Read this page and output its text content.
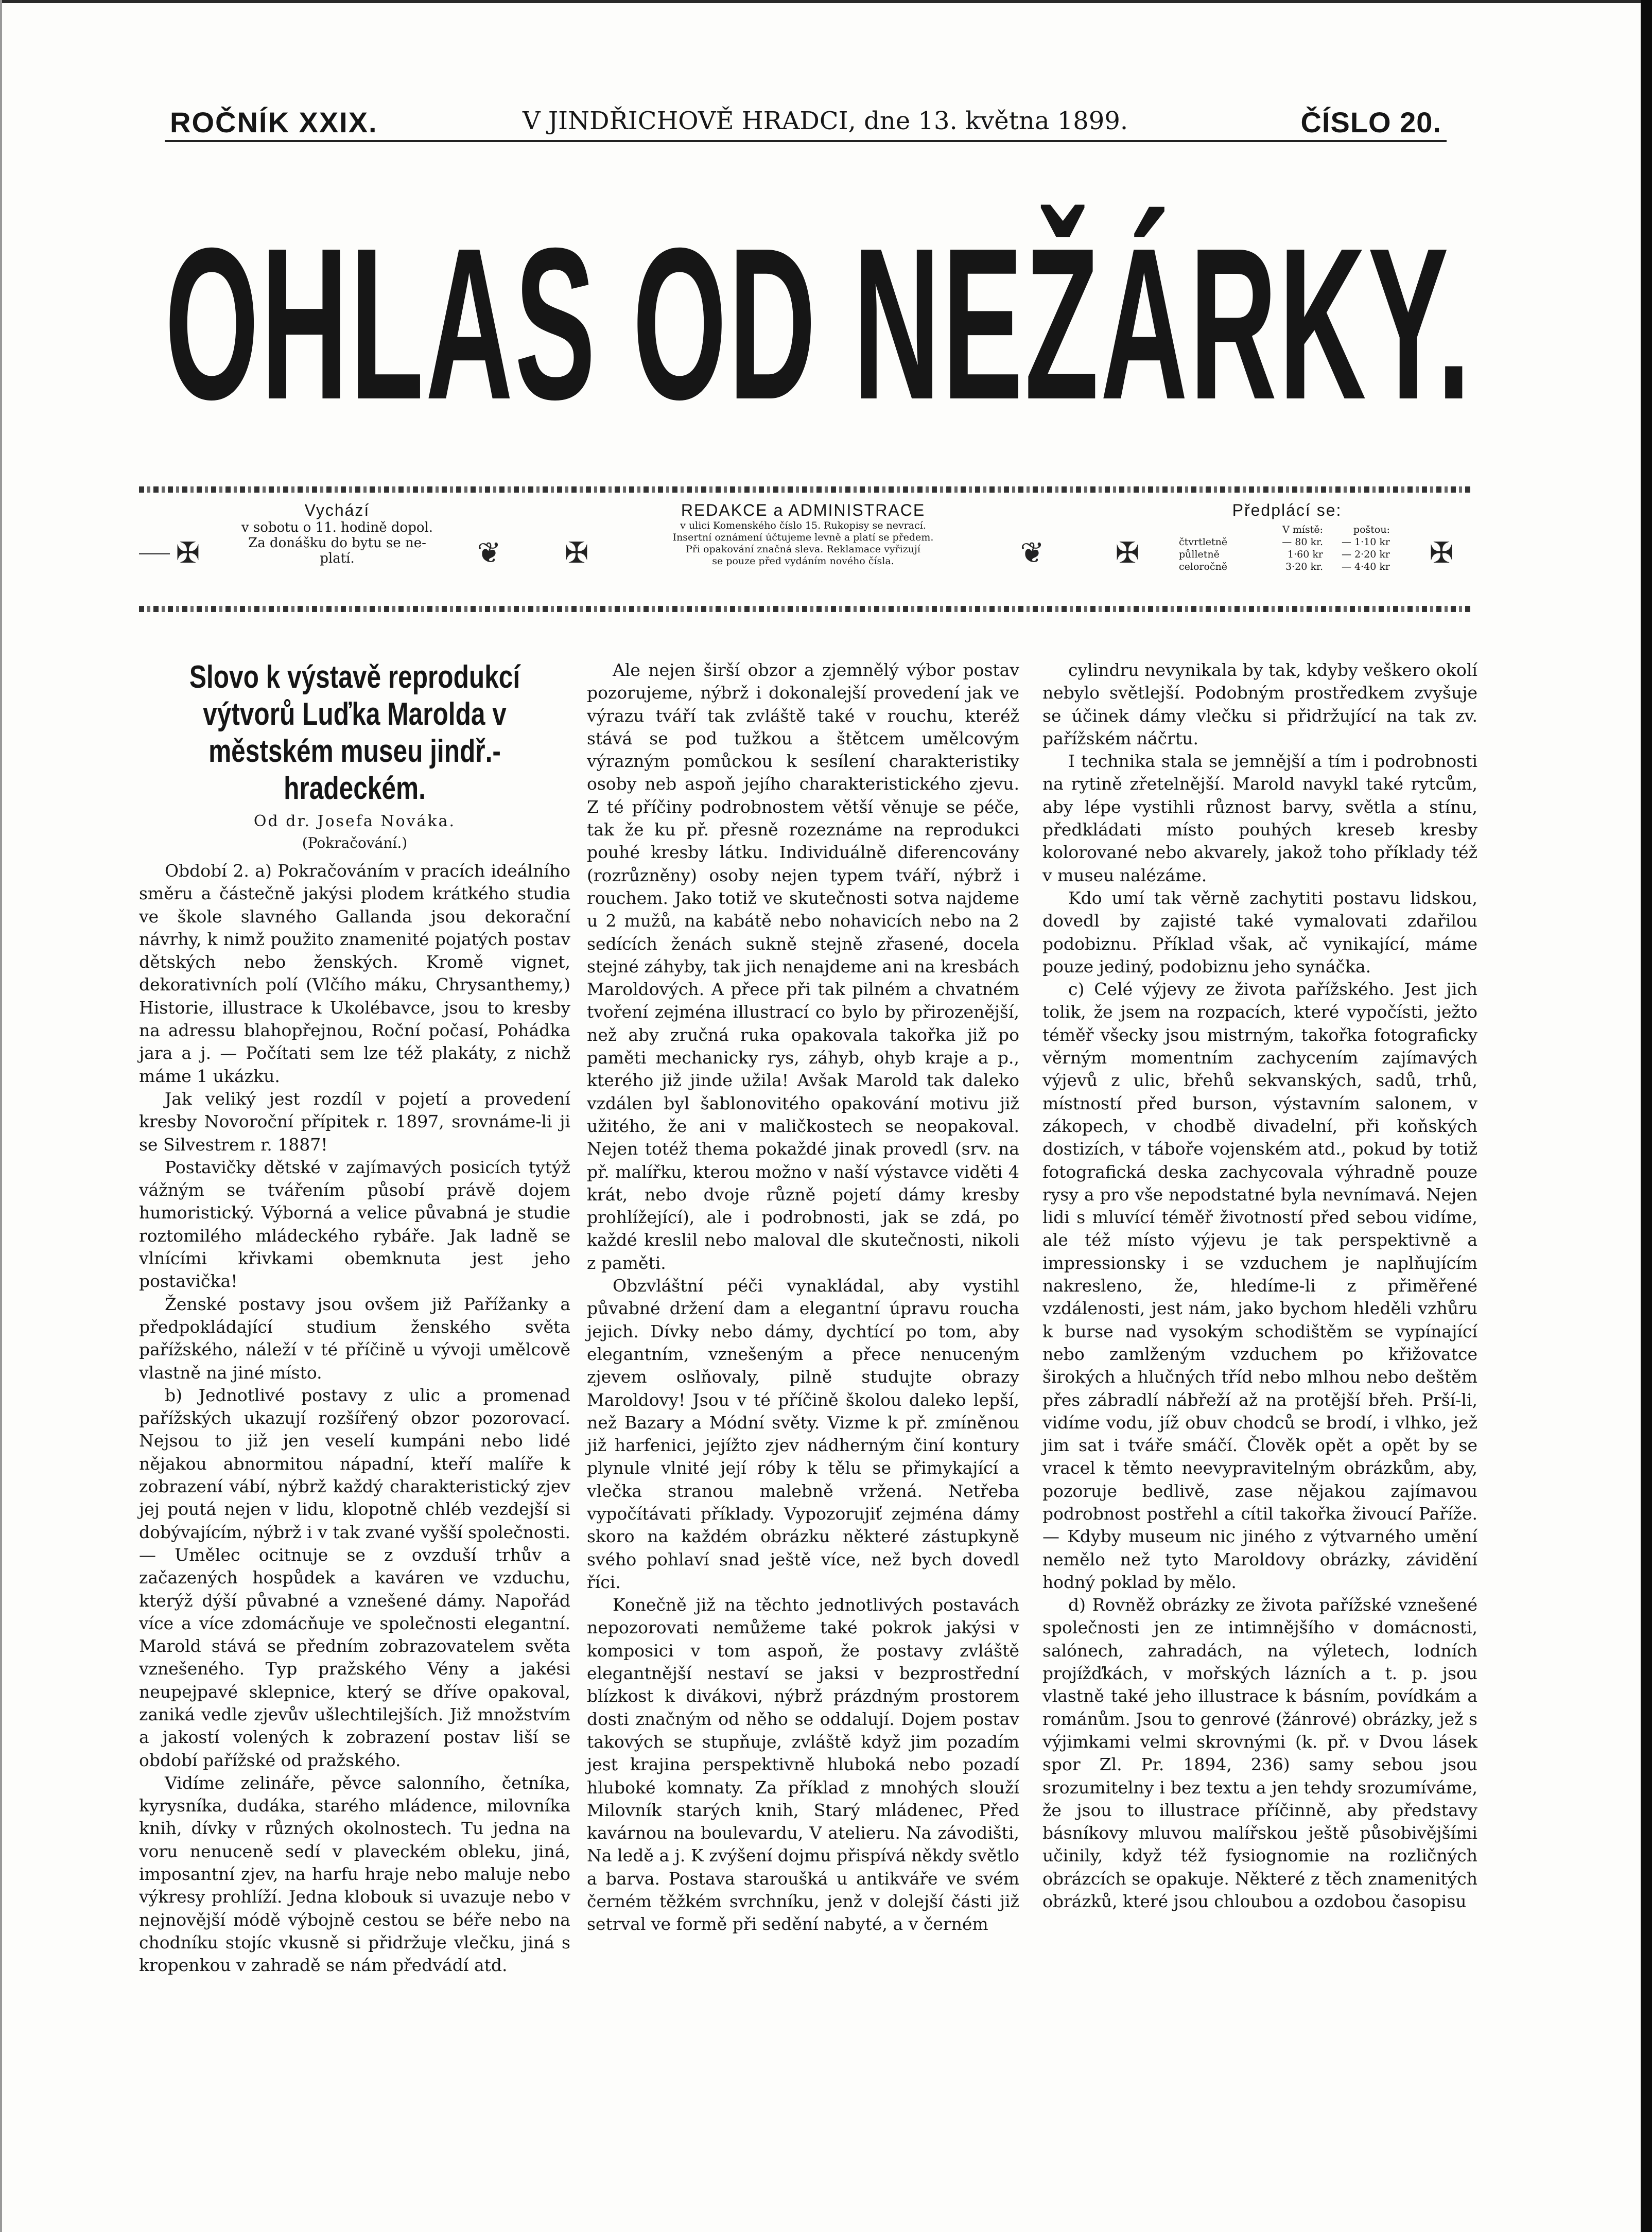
ROČNÍK XXIX.	V JINDŘICHOVĚ HRADCI, dne 13. května 1899.	ČÍSLO 20.
OHLAS OD NEŽÁRKY.
✠
Vychází
v sobotu o 11. hodině dopol.
Za donášku do bytu se ne-
platí.	❦	✠
REDAKCE a ADMINISTRACE
v ulici Komenského číslo 15. Rukopisy se nevrací.
Insertní oznámení účtujeme levně a platí se předem.
Při opakování značná sleva. Reklamace vyřizují
se pouze před vydáním nového čísla.	❦	✠
Předplácí se:
V místě:	poštou:
čtvrtletně	— 80 kr.	— 1·10 kr
půlletně	1·60 kr	— 2·20 kr
celoročně	3·20 kr.	— 4·40 kr	✠
Slovo k výstavě reprodukcí výtvorů Luďka Marolda v městském museu jindř.-hradeckém.
Od dr. Josefa Nováka.
(Pokračování.)

Období 2. a) Pokračováním v pracích ideálního směru a částečně jakýsi plodem krátkého studia ve škole slavného Gallanda jsou dekorační návrhy, k nimž použito znamenité pojatých postav dětských nebo ženských. Kromě vignet, dekorativních polí (Vlčího máku, Chrysanthemy,) Historie, illustrace k Ukolébavce, jsou to kresby na adressu blahopřejnou, Roční počasí, Pohádka jara a j. — Počítati sem lze též plakáty, z nichž máme 1 ukázku.

Jak veliký jest rozdíl v pojetí a provedení kresby Novoroční přípitek r. 1897, srovnáme-li ji se Silvestrem r. 1887!

Postavičky dětské v zajímavých posicích tytýž vážným se tvářením působí právě dojem humoristický. Výborná a velice půvabná je studie roztomilého mládeckého rybáře. Jak ladně se vlnícími křivkami obemknuta jest jeho postavička!

Ženské postavy jsou ovšem již Pařížanky a předpokládající studium ženského světa pařížského, náleží v té příčině u vývoji umělcově vlastně na jiné místo.

b) Jednotlivé postavy z ulic a promenad pařížských ukazují rozšířený obzor pozorovací. Nejsou to již jen veselí kumpáni nebo lidé nějakou abnormitou nápadní, kteří malíře k zobrazení vábí, nýbrž každý charakteristický zjev jej poutá nejen v lidu, klopotně chléb vezdejší si dobývajícím, nýbrž i v tak zvané vyšší společnosti. — Umělec ocitnuje se z ovzduší trhův a začazených hospůdek a kaváren ve vzduchu, kterýž dýší půvabné a vznešené dámy. Napořád více a více zdomácňuje ve společnosti elegantní. Marold stává se předním zobrazovatelem světa vznešeného. Typ pražského Vény a jakési neupejpavé sklepnice, který se dříve opakoval, zaniká vedle zjevův ušlechtilejších. Již množstvím a jakostí volených k zobrazení postav liší se období pařížské od pražského.

Vidíme zelináře, pěvce salonního, četníka, kyrysníka, dudáka, starého mládence, milovníka knih, dívky v různých okolnostech. Tu jedna na voru nenuceně sedí v plaveckém obleku, jiná, imposantní zjev, na harfu hraje nebo maluje nebo výkresy prohlíží. Jedna klobouk si uvazuje nebo v nejnovější módě výbojně cestou se béře nebo na chodníku stojíc vkusně si přidržuje vlečku, jiná s kropenkou v zahradě se nám předvádí atd.

Ale nejen širší obzor a zjemnělý výbor postav pozorujeme, nýbrž i dokonalejší provedení jak ve výrazu tváří tak zvláště také v rouchu, kteréž stává se pod tužkou a štětcem umělcovým výrazným pomůckou k sesílení charakteristiky osoby neb aspoň jejího charakteristického zjevu. Z té příčiny podrobnostem větší věnuje se péče, tak že ku př. přesně rozeznáme na reprodukci pouhé kresby látku. Individuálně diferencovány (rozrůzněny) osoby nejen typem tváří, nýbrž i rouchem. Jako totiž ve skutečnosti sotva najdeme u 2 mužů, na kabátě nebo nohavicích nebo na 2 sedících ženách sukně stejně zřasené, docela stejné záhyby, tak jich nenajdeme ani na kresbách Maroldových. A přece při tak pilném a chvatném tvoření zejména illustrací co bylo by přirozenější, než aby zručná ruka opakovala takořka již po paměti mechanicky rys, záhyb, ohyb kraje a p., kterého již jinde užila! Avšak Marold tak daleko vzdálen byl šablonovitého opakování motivu již užitého, že ani v maličkostech se neopakoval. Nejen totéž thema pokaždé jinak provedl (srv. na př. malířku, kterou možno v naší výstavce viděti 4 krát, nebo dvoje různě pojetí dámy kresby prohlížející), ale i podrobnosti, jak se zdá, po každé kreslil nebo maloval dle skutečnosti, nikoli z paměti.

Obzvláštní péči vynakládal, aby vystihl půvabné držení dam a elegantní úpravu roucha jejich. Dívky nebo dámy, dychtící po tom, aby elegantním, vznešeným a přece nenuceným zjevem oslňovaly, pilně studujte obrazy Maroldovy! Jsou v té příčině školou daleko lepší, než Bazary a Módní světy. Vizme k př. zmíněnou již harfenici, jejížto zjev nádherným činí kontury plynule vlnité její róby k tělu se přimykající a vlečka stranou malebně vržená. Netřeba vypočítávati příklady. Vypozorujiť zejména dámy skoro na každém obrázku některé zástupkyně svého pohlaví snad ještě více, než bych dovedl říci.

Konečně již na těchto jednotlivých postavách nepozorovati nemůžeme také pokrok jakýsi v komposici v tom aspoň, že postavy zvláště elegantnější nestaví se jaksi v bezprostřední blízkost k divákovi, nýbrž prázdným prostorem dosti značným od něho se oddalují. Dojem postav takových se stupňuje, zvláště když jim pozadím jest krajina perspektivně hluboká nebo pozadí hluboké komnaty. Za příklad z mnohých slouží Milovník starých knih, Starý mládenec, Před kavárnou na boulevardu, V atelieru. Na závodišti, Na ledě a j. K zvýšení dojmu přispívá někdy světlo a barva. Postava staroušká u antikváře ve svém černém těžkém svrchníku, jenž v dolejší části již setrval ve formě při sedění nabyté, a v černém

cylindru nevynikala by tak, kdyby veškero okolí nebylo světlejší. Podobným prostředkem zvyšuje se účinek dámy vlečku si přidržující na tak zv. pařížském náčrtu.

Ι technika stala se jemnější a tím i podrobnosti na rytině zřetelnější. Marold navykl také rytcům, aby lépe vystihli různost barvy, světla a stínu, předkládati místo pouhých kreseb kresby kolorované nebo akvarely, jakož toho příklady též v museu nalézáme.

Kdo umí tak věrně zachytiti postavu lidskou, dovedl by zajisté také vymalovati zdařilou podobiznu. Příklad však, ač vynikající, máme pouze jediný, podobiznu jeho synáčka.

c) Celé výjevy ze života pařížského. Jest jich tolik, že jsem na rozpacích, které vypočísti, ježto téměř všecky jsou mistrným, takořka fotograficky věrným momentním zachycením zajímavých výjevů z ulic, břehů sekvanských, sadů, trhů, místností před burson, výstavním salonem, v zákopech, v chodbě divadelní, při koňských dostizích, v táboře vojenském atd., pokud by totiž fotografická deska zachycovala výhradně pouze rysy a pro vše nepodstatné byla nevnímavá. Nejen lidi s mluvící téměř životností před sebou vidíme, ale též místo výjevu je tak perspektivně a impressionsky i se vzduchem je naplňujícím nakresleno, že, hledíme-li z přiměřené vzdálenosti, jest nám, jako bychom hleděli vzhůru k burse nad vysokým schodištěm se vypínající nebo zamlženým vzduchem po křižovatce širokých a hlučných tříd nebo mlhou nebo deštěm přes zábradlí nábřeží až na protější břeh. Prší-li, vidíme vodu, jíž obuv chodců se brodí, i vlhko, jež jim sat i tváře smáčí. Člověk opět a opět by se vracel k těmto neevypravitelným obrázkům, aby, pozoruje bedlivě, zase nějakou zajímavou podrobnost postřehl a cítil takořka živoucí Paříže. — Kdyby museum nic jiného z výtvarného umění nemělo než tyto Maroldovy obrázky, závidění hodný poklad by mělo.

d) Rovněž obrázky ze života pařížské vznešené společnosti jen ze intimnějšího v domácnosti, salónech, zahradách, na výletech, lodních projížďkách, v mořských lázních a t. p. jsou vlastně také jeho illustrace k básním, povídkám a románům. Jsou to genrové (žánrové) obrázky, jež s výjimkami velmi skrovnými (k. př. v Dvou lásek spor Zl. Pr. 1894, 236) samy sebou jsou srozumitelny i bez textu a jen tehdy srozumíváme, že jsou to illustrace příčinně, aby představy básníkovy mluvou malířskou ještě působivějšími učinily, když též fysiognomie na rozličných obrázcích se opakuje. Některé z těch znamenitých obrázků, které jsou chloubou a ozdobou časopisu
